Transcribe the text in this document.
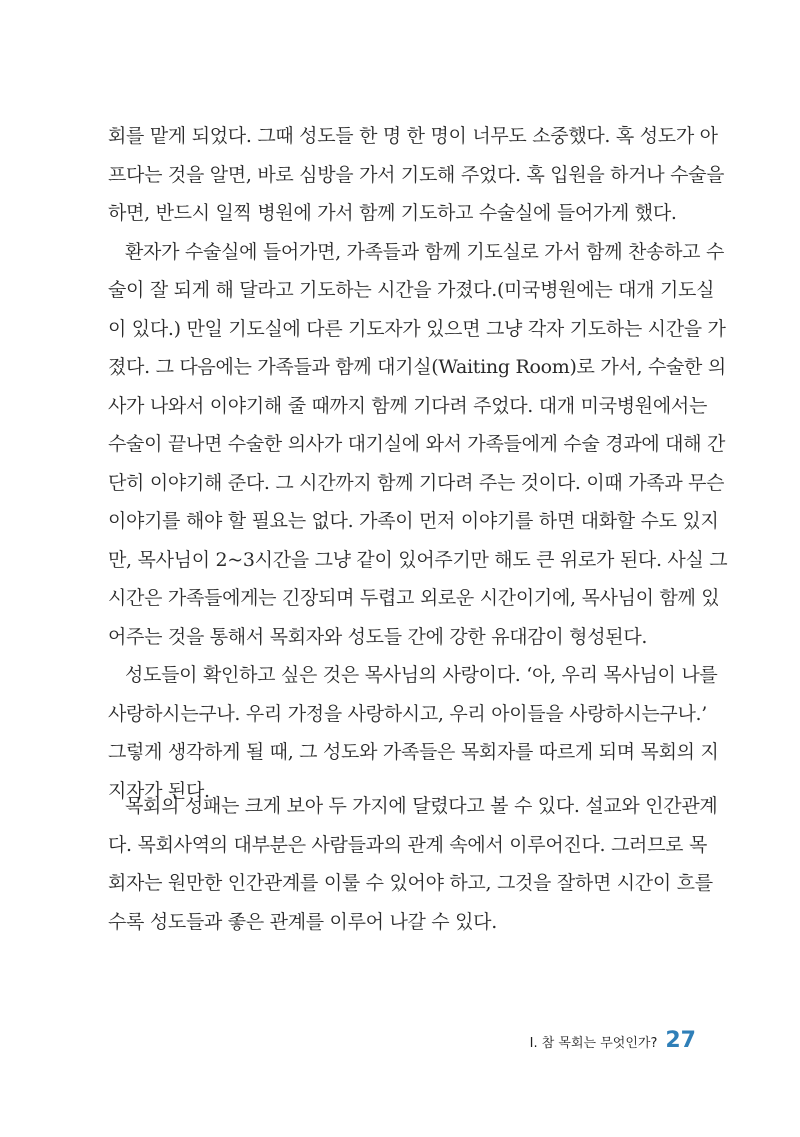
회를 맡게 되었다. 그때 성도들 한 명 한 명이 너무도 소중했다. 혹 성도가 아
프다는 것을 알면, 바로 심방을 가서 기도해 주었다. 혹 입원을 하거나 수술을
하면, 반드시 일찍 병원에 가서 함께 기도하고 수술실에 들어가게 했다.
환자가 수술실에 들어가면, 가족들과 함께 기도실로 가서 함께 찬송하고 수
술이 잘 되게 해 달라고 기도하는 시간을 가졌다.(미국병원에는 대개 기도실
이 있다.) 만일 기도실에 다른 기도자가 있으면 그냥 각자 기도하는 시간을 가
졌다. 그 다음에는 가족들과 함께 대기실(Waiting Room)로 가서, 수술한 의
사가 나와서 이야기해 줄 때까지 함께 기다려 주었다. 대개 미국병원에서는
수술이 끝나면 수술한 의사가 대기실에 와서 가족들에게 수술 경과에 대해 간
단히 이야기해 준다. 그 시간까지 함께 기다려 주는 것이다. 이때 가족과 무슨
이야기를 해야 할 필요는 없다. 가족이 먼저 이야기를 하면 대화할 수도 있지
만, 목사님이 2~3시간을 그냥 같이 있어주기만 해도 큰 위로가 된다. 사실 그
시간은 가족들에게는 긴장되며 두렵고 외로운 시간이기에, 목사님이 함께 있
어주는 것을 통해서 목회자와 성도들 간에 강한 유대감이 형성된다.
성도들이 확인하고 싶은 것은 목사님의 사랑이다. ‘아, 우리 목사님이 나를
사랑하시는구나. 우리 가정을 사랑하시고, 우리 아이들을 사랑하시는구나.’
그렇게 생각하게 될 때, 그 성도와 가족들은 목회자를 따르게 되며 목회의 지
지자가 된다.
목회의 성패는 크게 보아 두 가지에 달렸다고 볼 수 있다. 설교와 인간관계
다. 목회사역의 대부분은 사람들과의 관계 속에서 이루어진다. 그러므로 목
회자는 원만한 인간관계를 이룰 수 있어야 하고, 그것을 잘하면 시간이 흐를
수록 성도들과 좋은 관계를 이루어 나갈 수 있다.
I. 참 목회는 무엇인가? 27
